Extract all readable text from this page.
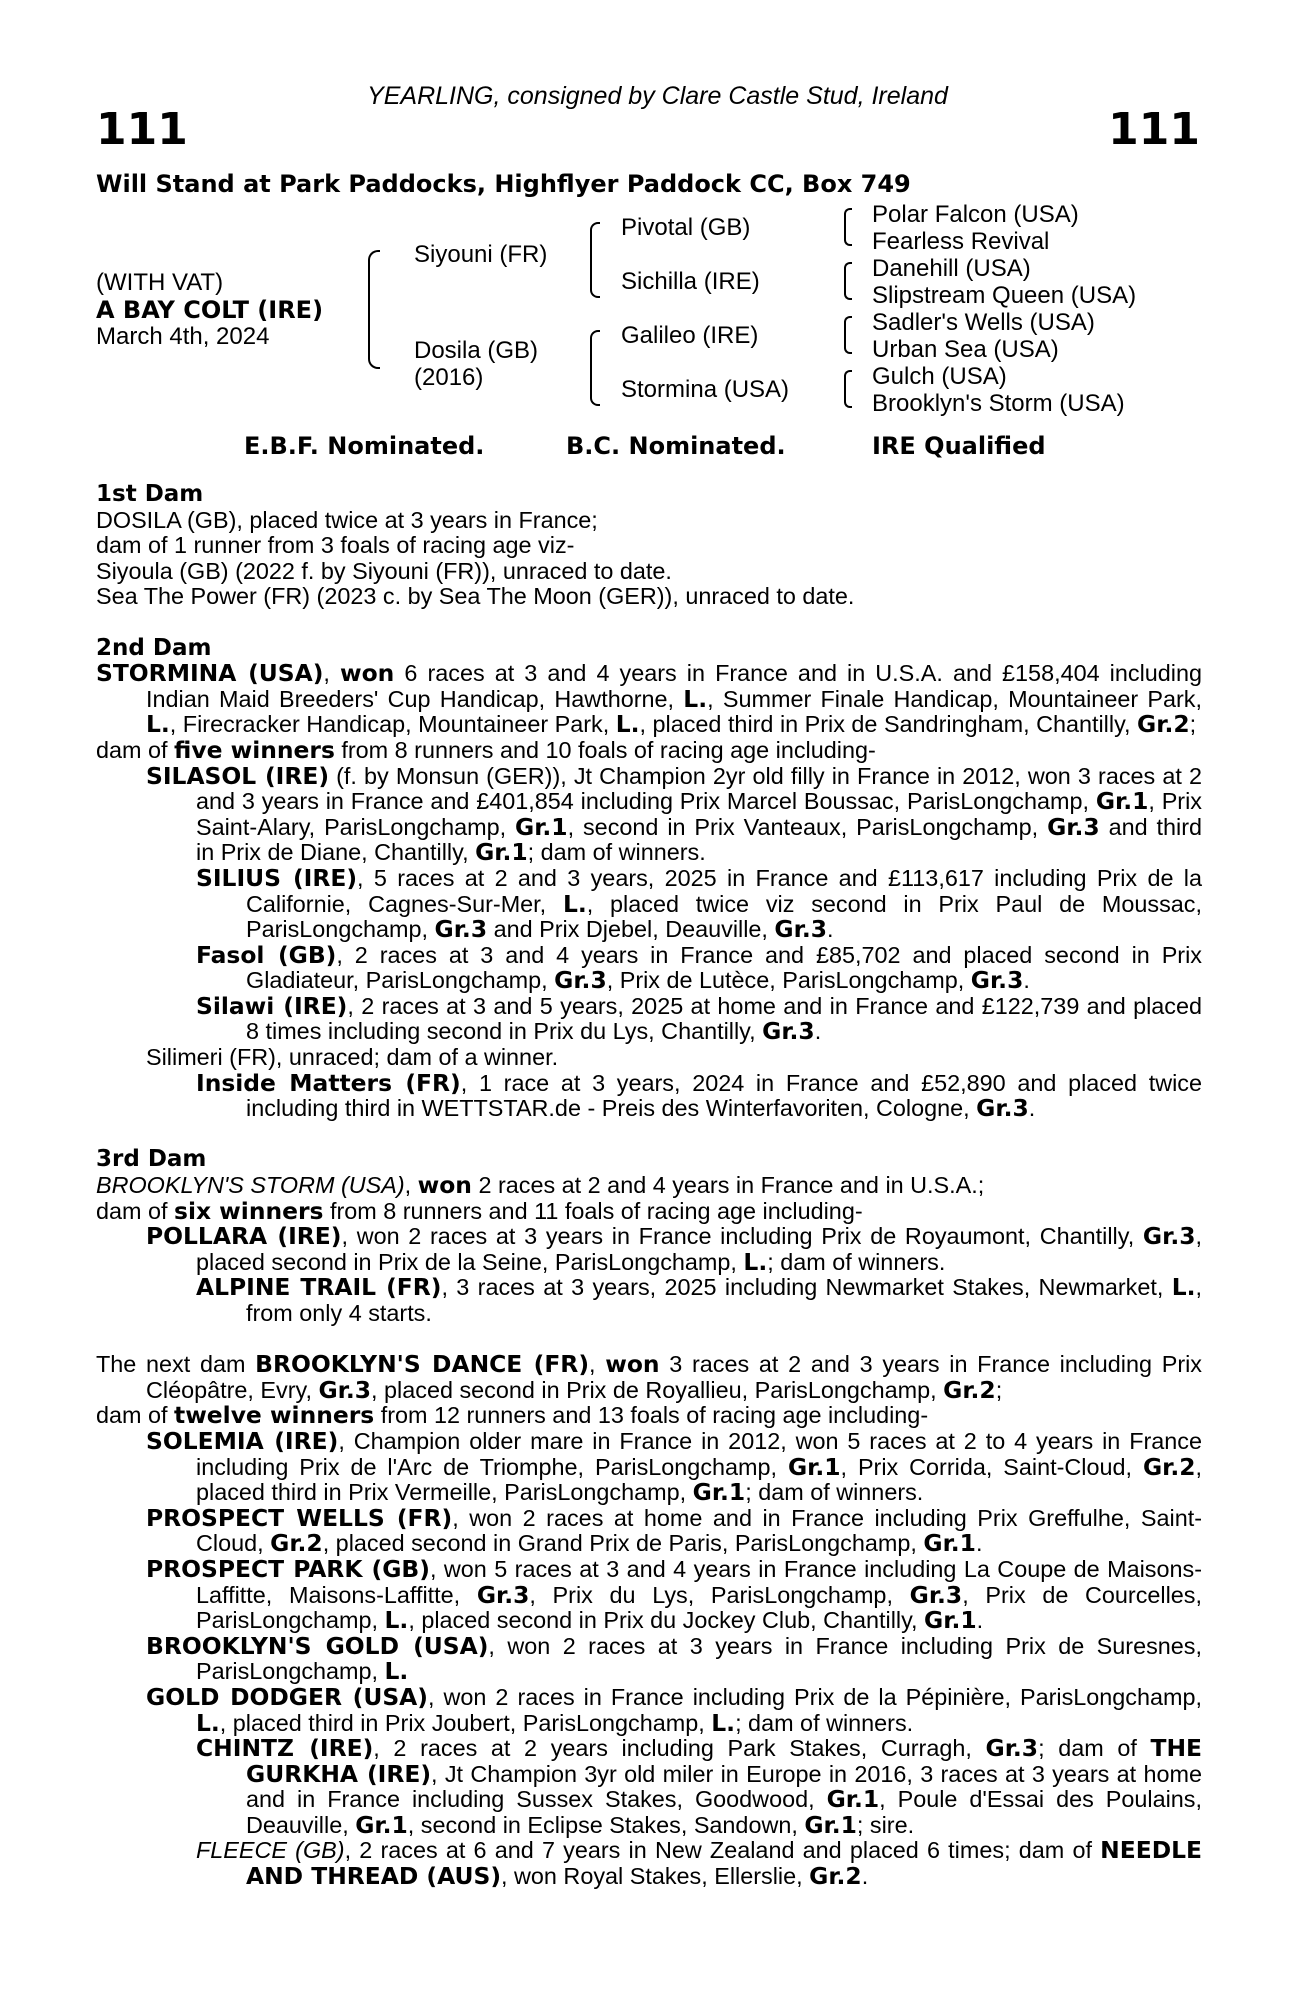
111	111
YEARLING, consigned by Clare Castle Stud, Ireland
Will Stand at Park Paddocks, Highflyer Paddock CC, Box 749
(WITH VAT)
A BAY COLT (IRE)
March 4th, 2024
Siyouni (FR)
Dosila (GB)
(2016)
Pivotal (GB)
Sichilla (IRE)
Galileo (IRE)
Stormina (USA)
Polar Falcon (USA)
Fearless Revival
Danehill (USA)
Slipstream Queen (USA)
Sadler's Wells (USA)
Urban Sea (USA)
Gulch (USA)
Brooklyn's Storm (USA)
E.B.F. Nominated.	B.C. Nominated.	IRE Qualified
1st Dam
DOSILA (GB), placed twice at 3 years in France;
dam of 1 runner from 3 foals of racing age viz-
Siyoula (GB) (2022 f. by Siyouni (FR)), unraced to date.
Sea The Power (FR) (2023 c. by Sea The Moon (GER)), unraced to date.
2nd Dam
STORMINA (USA), won 6 races at 3 and 4 years in France and in U.S.A. and £158,404 including Indian Maid Breeders' Cup Handicap, Hawthorne, L., Summer Finale Handicap, Mountaineer Park, L., Firecracker Handicap, Mountaineer Park, L., placed third in Prix de Sandringham, Chantilly, Gr.2;
dam of five winners from 8 runners and 10 foals of racing age including-
SILASOL (IRE) (f. by Monsun (GER)), Jt Champion 2yr old filly in France in 2012, won 3 races at 2 and 3 years in France and £401,854 including Prix Marcel Boussac, ParisLongchamp, Gr.1, Prix Saint-Alary, ParisLongchamp, Gr.1, second in Prix Vanteaux, ParisLongchamp, Gr.3 and third in Prix de Diane, Chantilly, Gr.1; dam of winners.
SILIUS (IRE), 5 races at 2 and 3 years, 2025 in France and £113,617 including Prix de la Californie, Cagnes-Sur-Mer, L., placed twice viz second in Prix Paul de Moussac, ParisLongchamp, Gr.3 and Prix Djebel, Deauville, Gr.3.
Fasol (GB), 2 races at 3 and 4 years in France and £85,702 and placed second in Prix Gladiateur, ParisLongchamp, Gr.3, Prix de Lutèce, ParisLongchamp, Gr.3.
Silawi (IRE), 2 races at 3 and 5 years, 2025 at home and in France and £122,739 and placed 8 times including second in Prix du Lys, Chantilly, Gr.3.
Silimeri (FR), unraced; dam of a winner.
Inside Matters (FR), 1 race at 3 years, 2024 in France and £52,890 and placed twice including third in WETTSTAR.de - Preis des Winterfavoriten, Cologne, Gr.3.
3rd Dam
BROOKLYN'S STORM (USA), won 2 races at 2 and 4 years in France and in U.S.A.;
dam of six winners from 8 runners and 11 foals of racing age including-
POLLARA (IRE), won 2 races at 3 years in France including Prix de Royaumont, Chantilly, Gr.3, placed second in Prix de la Seine, ParisLongchamp, L.; dam of winners.
ALPINE TRAIL (FR), 3 races at 3 years, 2025 including Newmarket Stakes, Newmarket, L., from only 4 starts.
The next dam BROOKLYN'S DANCE (FR), won 3 races at 2 and 3 years in France including Prix Cléopâtre, Evry, Gr.3, placed second in Prix de Royallieu, ParisLongchamp, Gr.2;
dam of twelve winners from 12 runners and 13 foals of racing age including-
SOLEMIA (IRE), Champion older mare in France in 2012, won 5 races at 2 to 4 years in France including Prix de l'Arc de Triomphe, ParisLongchamp, Gr.1, Prix Corrida, Saint-Cloud, Gr.2, placed third in Prix Vermeille, ParisLongchamp, Gr.1; dam of winners.
PROSPECT WELLS (FR), won 2 races at home and in France including Prix Greffulhe, Saint-Cloud, Gr.2, placed second in Grand Prix de Paris, ParisLongchamp, Gr.1.
PROSPECT PARK (GB), won 5 races at 3 and 4 years in France including La Coupe de Maisons-Laffitte, Maisons-Laffitte, Gr.3, Prix du Lys, ParisLongchamp, Gr.3, Prix de Courcelles, ParisLongchamp, L., placed second in Prix du Jockey Club, Chantilly, Gr.1.
BROOKLYN'S GOLD (USA), won 2 races at 3 years in France including Prix de Suresnes, ParisLongchamp, L.
GOLD DODGER (USA), won 2 races in France including Prix de la Pépinière, ParisLongchamp, L., placed third in Prix Joubert, ParisLongchamp, L.; dam of winners.
CHINTZ (IRE), 2 races at 2 years including Park Stakes, Curragh, Gr.3; dam of THE GURKHA (IRE), Jt Champion 3yr old miler in Europe in 2016, 3 races at 3 years at home and in France including Sussex Stakes, Goodwood, Gr.1, Poule d'Essai des Poulains, Deauville, Gr.1, second in Eclipse Stakes, Sandown, Gr.1; sire.
FLEECE (GB), 2 races at 6 and 7 years in New Zealand and placed 6 times; dam of NEEDLE AND THREAD (AUS), won Royal Stakes, Ellerslie, Gr.2.
